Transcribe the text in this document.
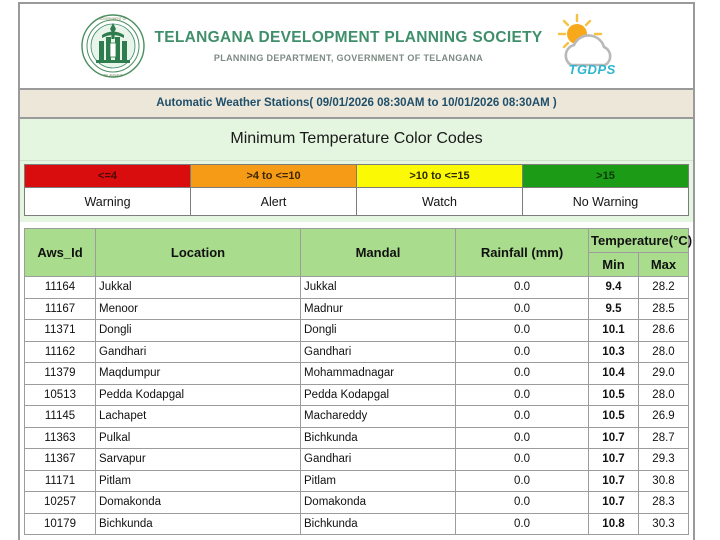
GOVERNMENT OF
TELANGANA
TELANGANA DEVELOPMENT PLANNING SOCIETY
PLANNING DEPARTMENT, GOVERNMENT OF TELANGANA
TGDPS
Automatic Weather Stations( 09/01/2026 08:30AM to 10/01/2026 08:30AM )
Minimum Temperature Color Codes
<=4	>4 to <=10	>10 to <=15	>15
Warning	Alert	Watch	No Warning
Aws_Id	Location	Mandal	Rainfall (mm)	Temperature(°C)	
				Min	Max
11164	Jukkal	Jukkal	0.0	9.4	28.2
11167	Menoor	Madnur	0.0	9.5	28.5
11371	Dongli	Dongli	0.0	10.1	28.6
11162	Gandhari	Gandhari	0.0	10.3	28.0
11379	Maqdumpur	Mohammadnagar	0.0	10.4	29.0
10513	Pedda Kodapgal	Pedda Kodapgal	0.0	10.5	28.0
11145	Lachapet	Machareddy	0.0	10.5	26.9
11363	Pulkal	Bichkunda	0.0	10.7	28.7
11367	Sarvapur	Gandhari	0.0	10.7	29.3
11171	Pitlam	Pitlam	0.0	10.7	30.8
10257	Domakonda	Domakonda	0.0	10.7	28.3
10179	Bichkunda	Bichkunda	0.0	10.8	30.3
